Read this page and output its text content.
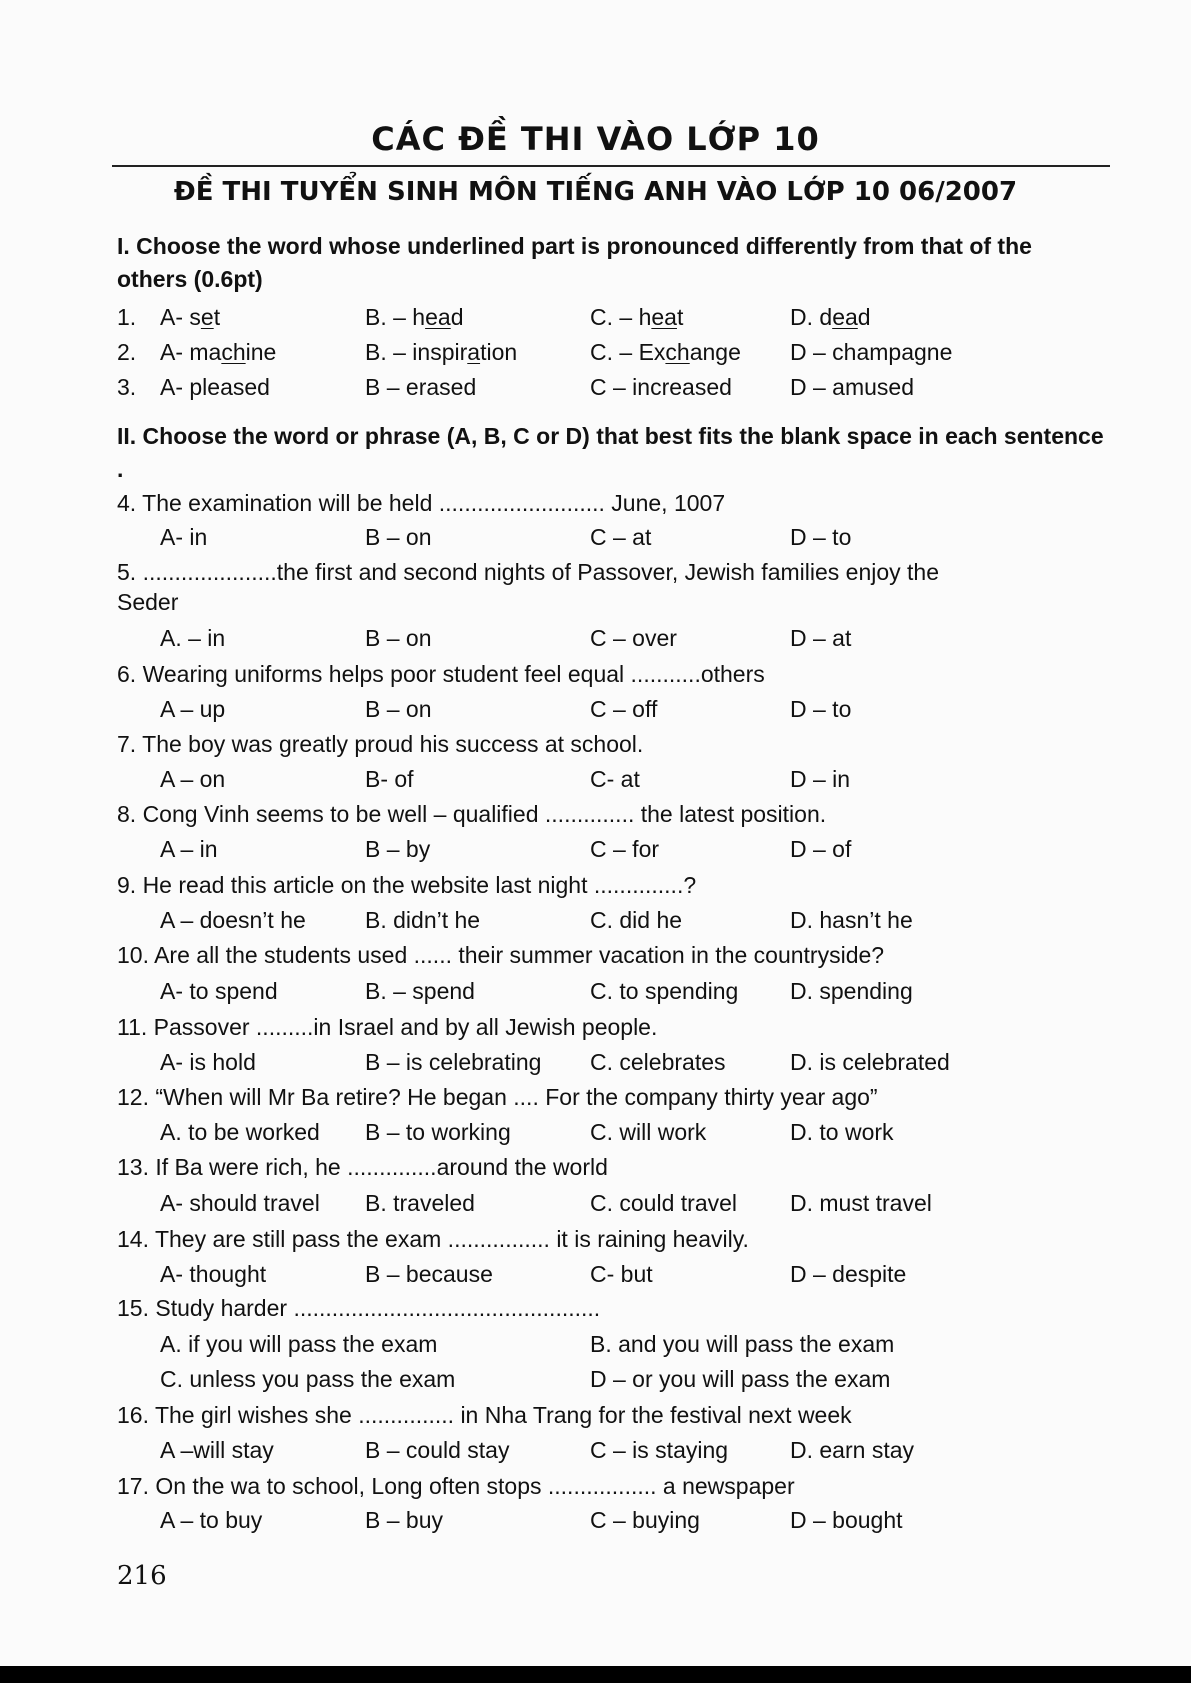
CÁC ĐỀ THI VÀO LỚP 10
ĐỀ THI TUYỂN SINH MÔN TIẾNG ANH VÀO LỚP 10 06/2007
I. Choose the word whose underlined part is pronounced differently from that of the others (0.6pt)
1. A- set	B. – head	C. – heat	D. dead
2. A- machine	B. – inspiration	C. – Exchange D – champagne
3. A- pleased	B – erased	C – increased	D – amused
II. Choose the word or phrase (A, B, C or D) that best fits the blank space in each sentence .
4. The examination will be held .......................... June, 1007
A- in	B – on	C – at	D – to
5. .....................the first and second nights of Passover, Jewish families enjoy the
Seder
A. – in	B – on	C – over	D – at
6. Wearing uniforms helps poor student feel equal ...........others
A – up	B – on	C – off	D – to
7. The boy was greatly proud his success at school.
A – on	B- of	C- at	D – in
8. Cong Vinh seems to be well – qualified .............. the latest position.
A – in	B – by	C – for	D – of
9. He read this article on the website last night ..............?
A – doesn’t he	B. didn’t he	C. did he	D. hasn’t he
10. Are all the students used ...... their summer vacation in the countryside?
A- to spend	B. – spend	C. to spending D. spending
11. Passover .........in Israel and by all Jewish people.
A- is hold	B – is celebrating C. celebrates	D. is celebrated
12. “When will Mr Ba retire? He began .... For the company thirty year ago”
A. to be worked B – to working	C. will work	D. to work
13. If Ba were rich, he ..............around the world
A- should travel B. traveled	C. could travel D. must travel
14. They are still pass the exam ................ it is raining heavily.
A- thought	B – because	C- but	D – despite
15. Study harder ................................................
A. if you will pass the exam	B. and you will pass the exam
C. unless you pass the exam	D – or you will pass the exam
16. The girl wishes she ............... in Nha Trang for the festival next week
A –will stay	B – could stay	C – is staying	D. earn stay
17. On the wa to school, Long often stops ................. a newspaper
A – to buy	B – buy	C – buying	D – bought
216
